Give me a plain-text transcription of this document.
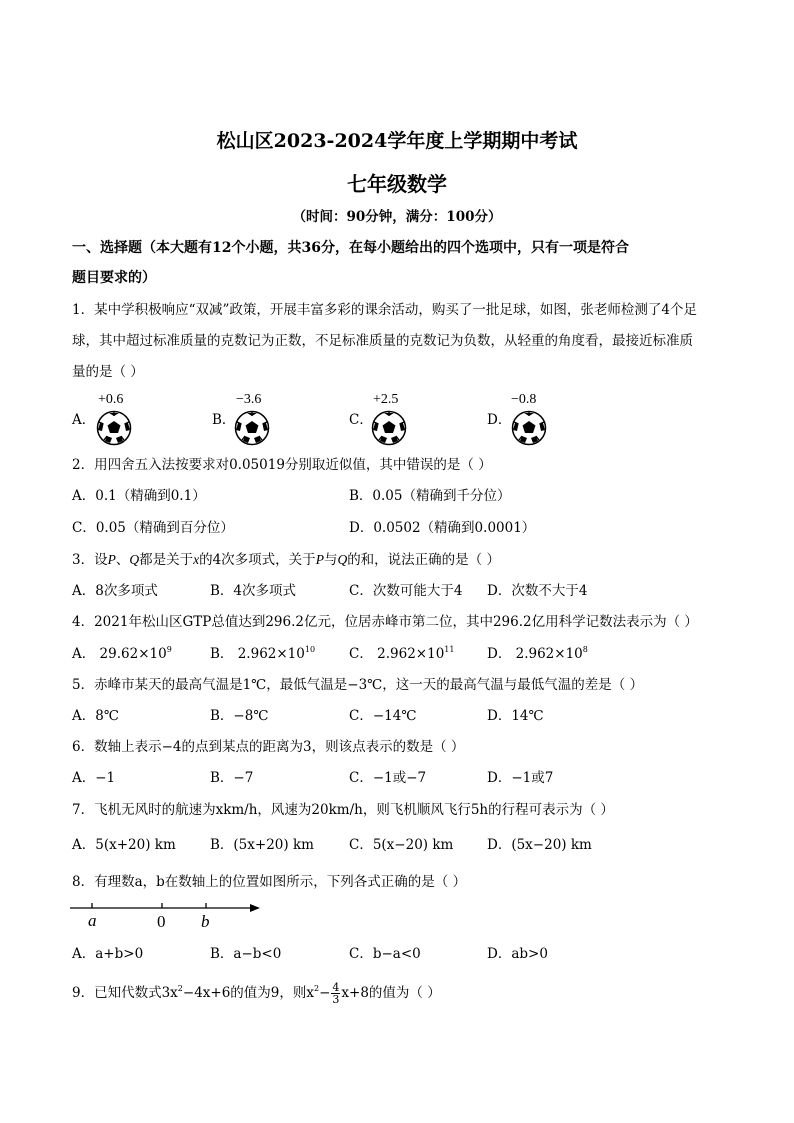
松山区2023-2024学年度上学期期中考试
七年级数学
（时间：90分钟，满分：100分）
一、选择题（本大题有12个小题，共36分，在每小题给出的四个选项中，只有一项是符合
题目要求的）
1．某中学积极响应“双减”政策，开展丰富多彩的课余活动，购买了一批足球，如图，张老师检测了4个足
球，其中超过标准质量的克数记为正数，不足标准质量的克数记为负数，从轻重的角度看，最接近标准质
量的是（ ）
A．
+0.6
B．
−3.6
C．
+2.5
D．
−0.8
2．用四舍五入法按要求对0.05019分别取近似值，其中错误的是（ ）
A．0.1（精确到0.1）	B．0.05（精确到千分位）
C．0.05（精确到百分位）	D．0.0502（精确到0.0001）
3．设P、Q都是关于x的4次多项式，关于P与Q的和，说法正确的是（ ）
A．8次多项式	B．4次多项式	C．次数可能大于4 D．次数不大于4
4．2021年松山区GTP总值达到296.2亿元，位居赤峰市第二位，其中296.2亿用科学记数法表示为（ ）
A． $29.62\times 10^9$	B． $2.962\times 10^{10}$	C． $2.962\times 10^{11}$ D． $2.962\times 10^8$
5．赤峰市某天的最高气温是1℃，最低气温是−3℃，这一天的最高气温与最低气温的差是（ ）
A．8℃	B．−8℃	C．−14℃	D．14℃
6．数轴上表示−4的点到某点的距离为3，则该点表示的数是（ ）
A．−1	B．−7	C．−1或−7	D．−1或7
7．飞机无风时的航速为xkm/h，风速为20km/h，则飞机顺风飞行5h的行程可表示为（ ）
A．5(x+20) km	B．(5x+20) km	C．5(x−20) km D．(5x−20) km
8．有理数a，b在数轴上的位置如图所示，下列各式正确的是（ ）
a	0 b
A．a+b>0	B．a−b<0	C．b−a<0	D．ab>0
9．已知代数式$3x^2-4x+6$的值为9，则$x^2- \frac{4}{3} x+8$的值为（ ）
